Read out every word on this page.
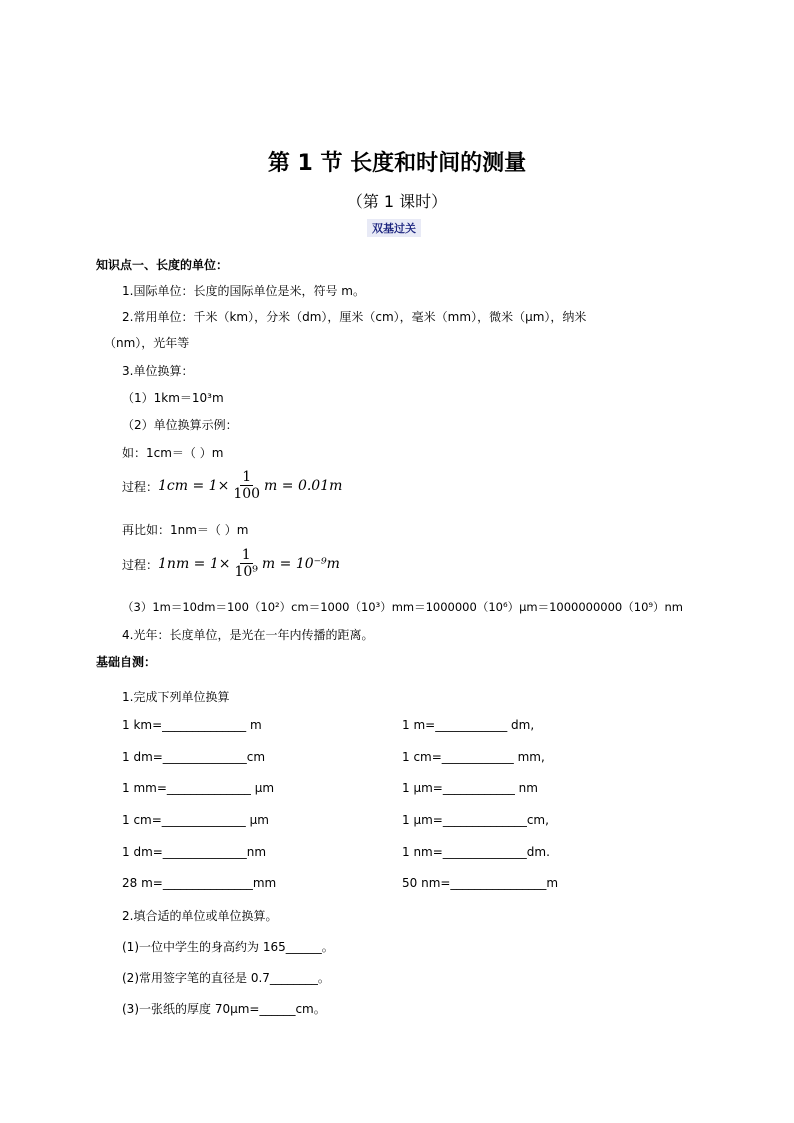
第 1 节 长度和时间的测量
（第 1 课时）
双基过关
知识点一、长度的单位：
1.国际单位：长度的国际单位是米，符号 m。
2.常用单位：千米（km），分米（dm），厘米（cm），毫米（mm），微米（μm），纳米
（nm），光年等
3.单位换算：
（1）1km＝10³m
（2）单位换算示例：
如：1cm＝（ ）m
过程： $1cm = 1\times \frac{1}{100}$ m = 0.01m
再比如：1nm＝（ ）m
过程： $1nm = 1\times \frac{1}{\text{10⁹}}$ m = 10⁻⁹m
（3）1m＝10dm＝100（10²）cm＝1000（10³）mm＝1000000（10⁶）μm＝1000000000（10⁹）nm
4.光年：长度单位，是光在一年内传播的距离。
基础自测：
1.完成下列单位换算
1 km=______________ m	1 m=____________ dm,
1 dm=______________cm	1 cm=____________ mm,
1 mm=______________ μm	1 μm=____________ nm
1 cm=______________ μm	1 μm=______________cm,
1 dm=______________nm	1 nm=______________dm.
28 m=_______________mm	50 nm=________________m
2.填合适的单位或单位换算。
(1)一位中学生的身高约为 165______。
(2)常用签字笔的直径是 0.7________。
(3)一张纸的厚度 70μm=______cm。
